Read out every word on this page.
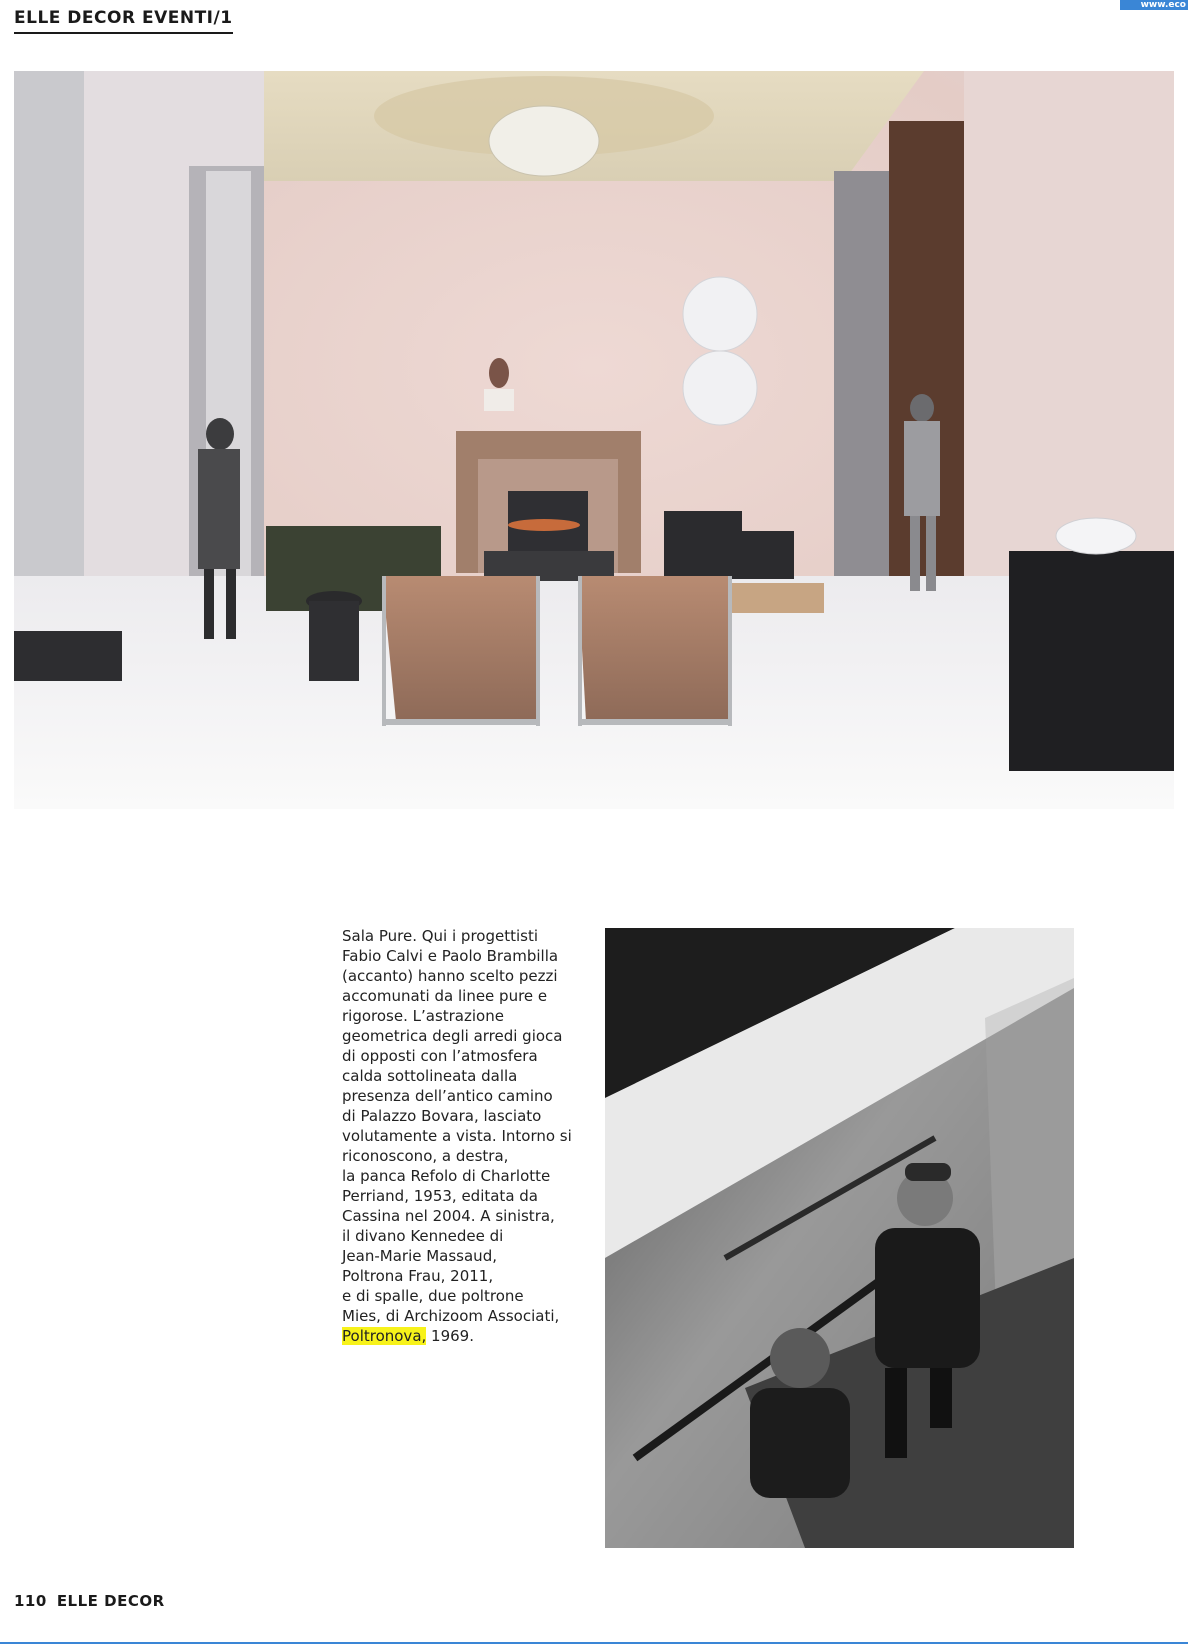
ELLE DECOR EVENTI/1
www.eco
Sala Pure. Qui i progettisti
Fabio Calvi e Paolo Brambilla
(accanto) hanno scelto pezzi
accomunati da linee pure e
rigorose. L’astrazione
geometrica degli arredi gioca
di opposti con l’atmosfera
calda sottolineata dalla
presenza dell’antico camino
di Palazzo Bovara, lasciato
volutamente a vista. Intorno si
riconoscono, a destra,
la panca Refolo di Charlotte
Perriand, 1953, editata da
Cassina nel 2004. A sinistra,
il divano Kennedee di
Jean-Marie Massaud,
Poltrona Frau, 2011,
e di spalle, due poltrone
Mies, di Archizoom Associati,
Poltronova, 1969.
110 ELLE DECOR
